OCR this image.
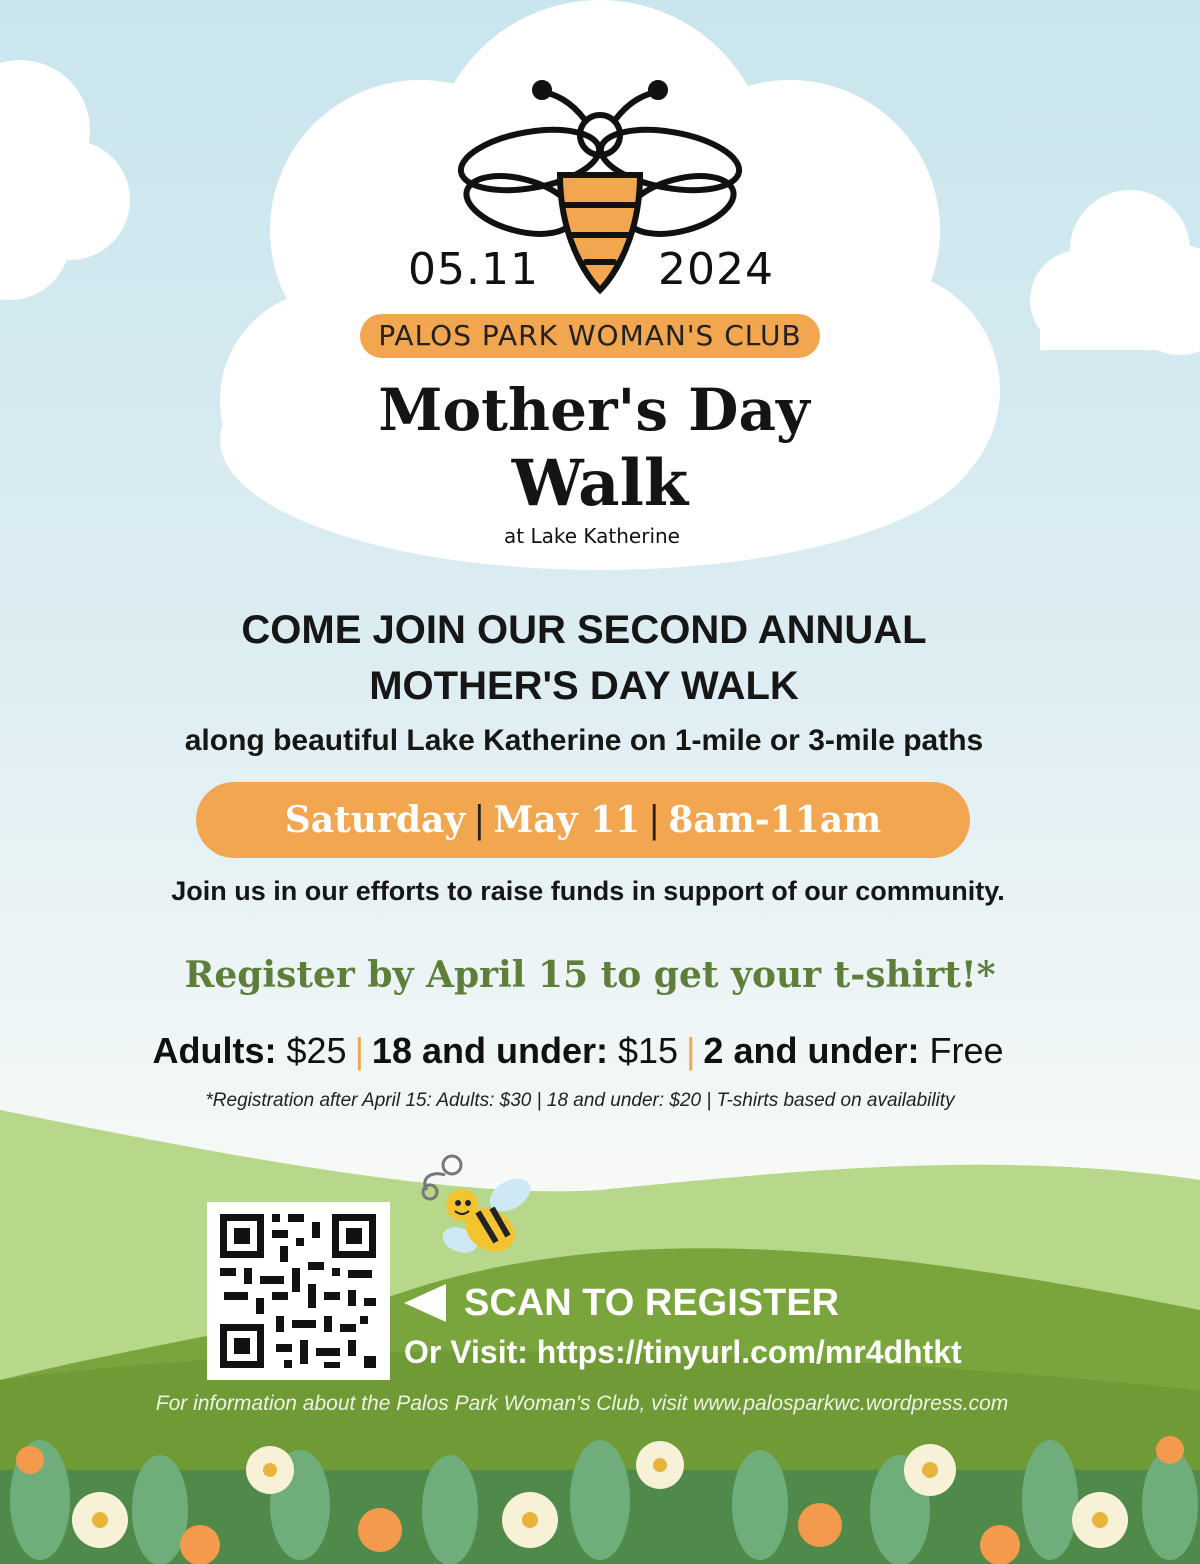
05.11	2024
PALOS PARK WOMAN'S CLUB
Mother's Day
Walk
at Lake Katherine
COME JOIN OUR SECOND ANNUAL
MOTHER'S DAY WALK
along beautiful Lake Katherine on 1-mile or 3-mile paths
Saturday | May 11 | 8am-11am
Join us in our efforts to raise funds in support of our community.
Register by April 15 to get your t-shirt!*
Adults: $25 | 18 and under: $15 | 2 and under: Free
*Registration after April 15: Adults: $30 | 18 and under: $20 | T-shirts based on availability
SCAN TO REGISTER
Or Visit: https://tinyurl.com/mr4dhtkt
For information about the Palos Park Woman's Club, visit www.palosparkwc.wordpress.com
